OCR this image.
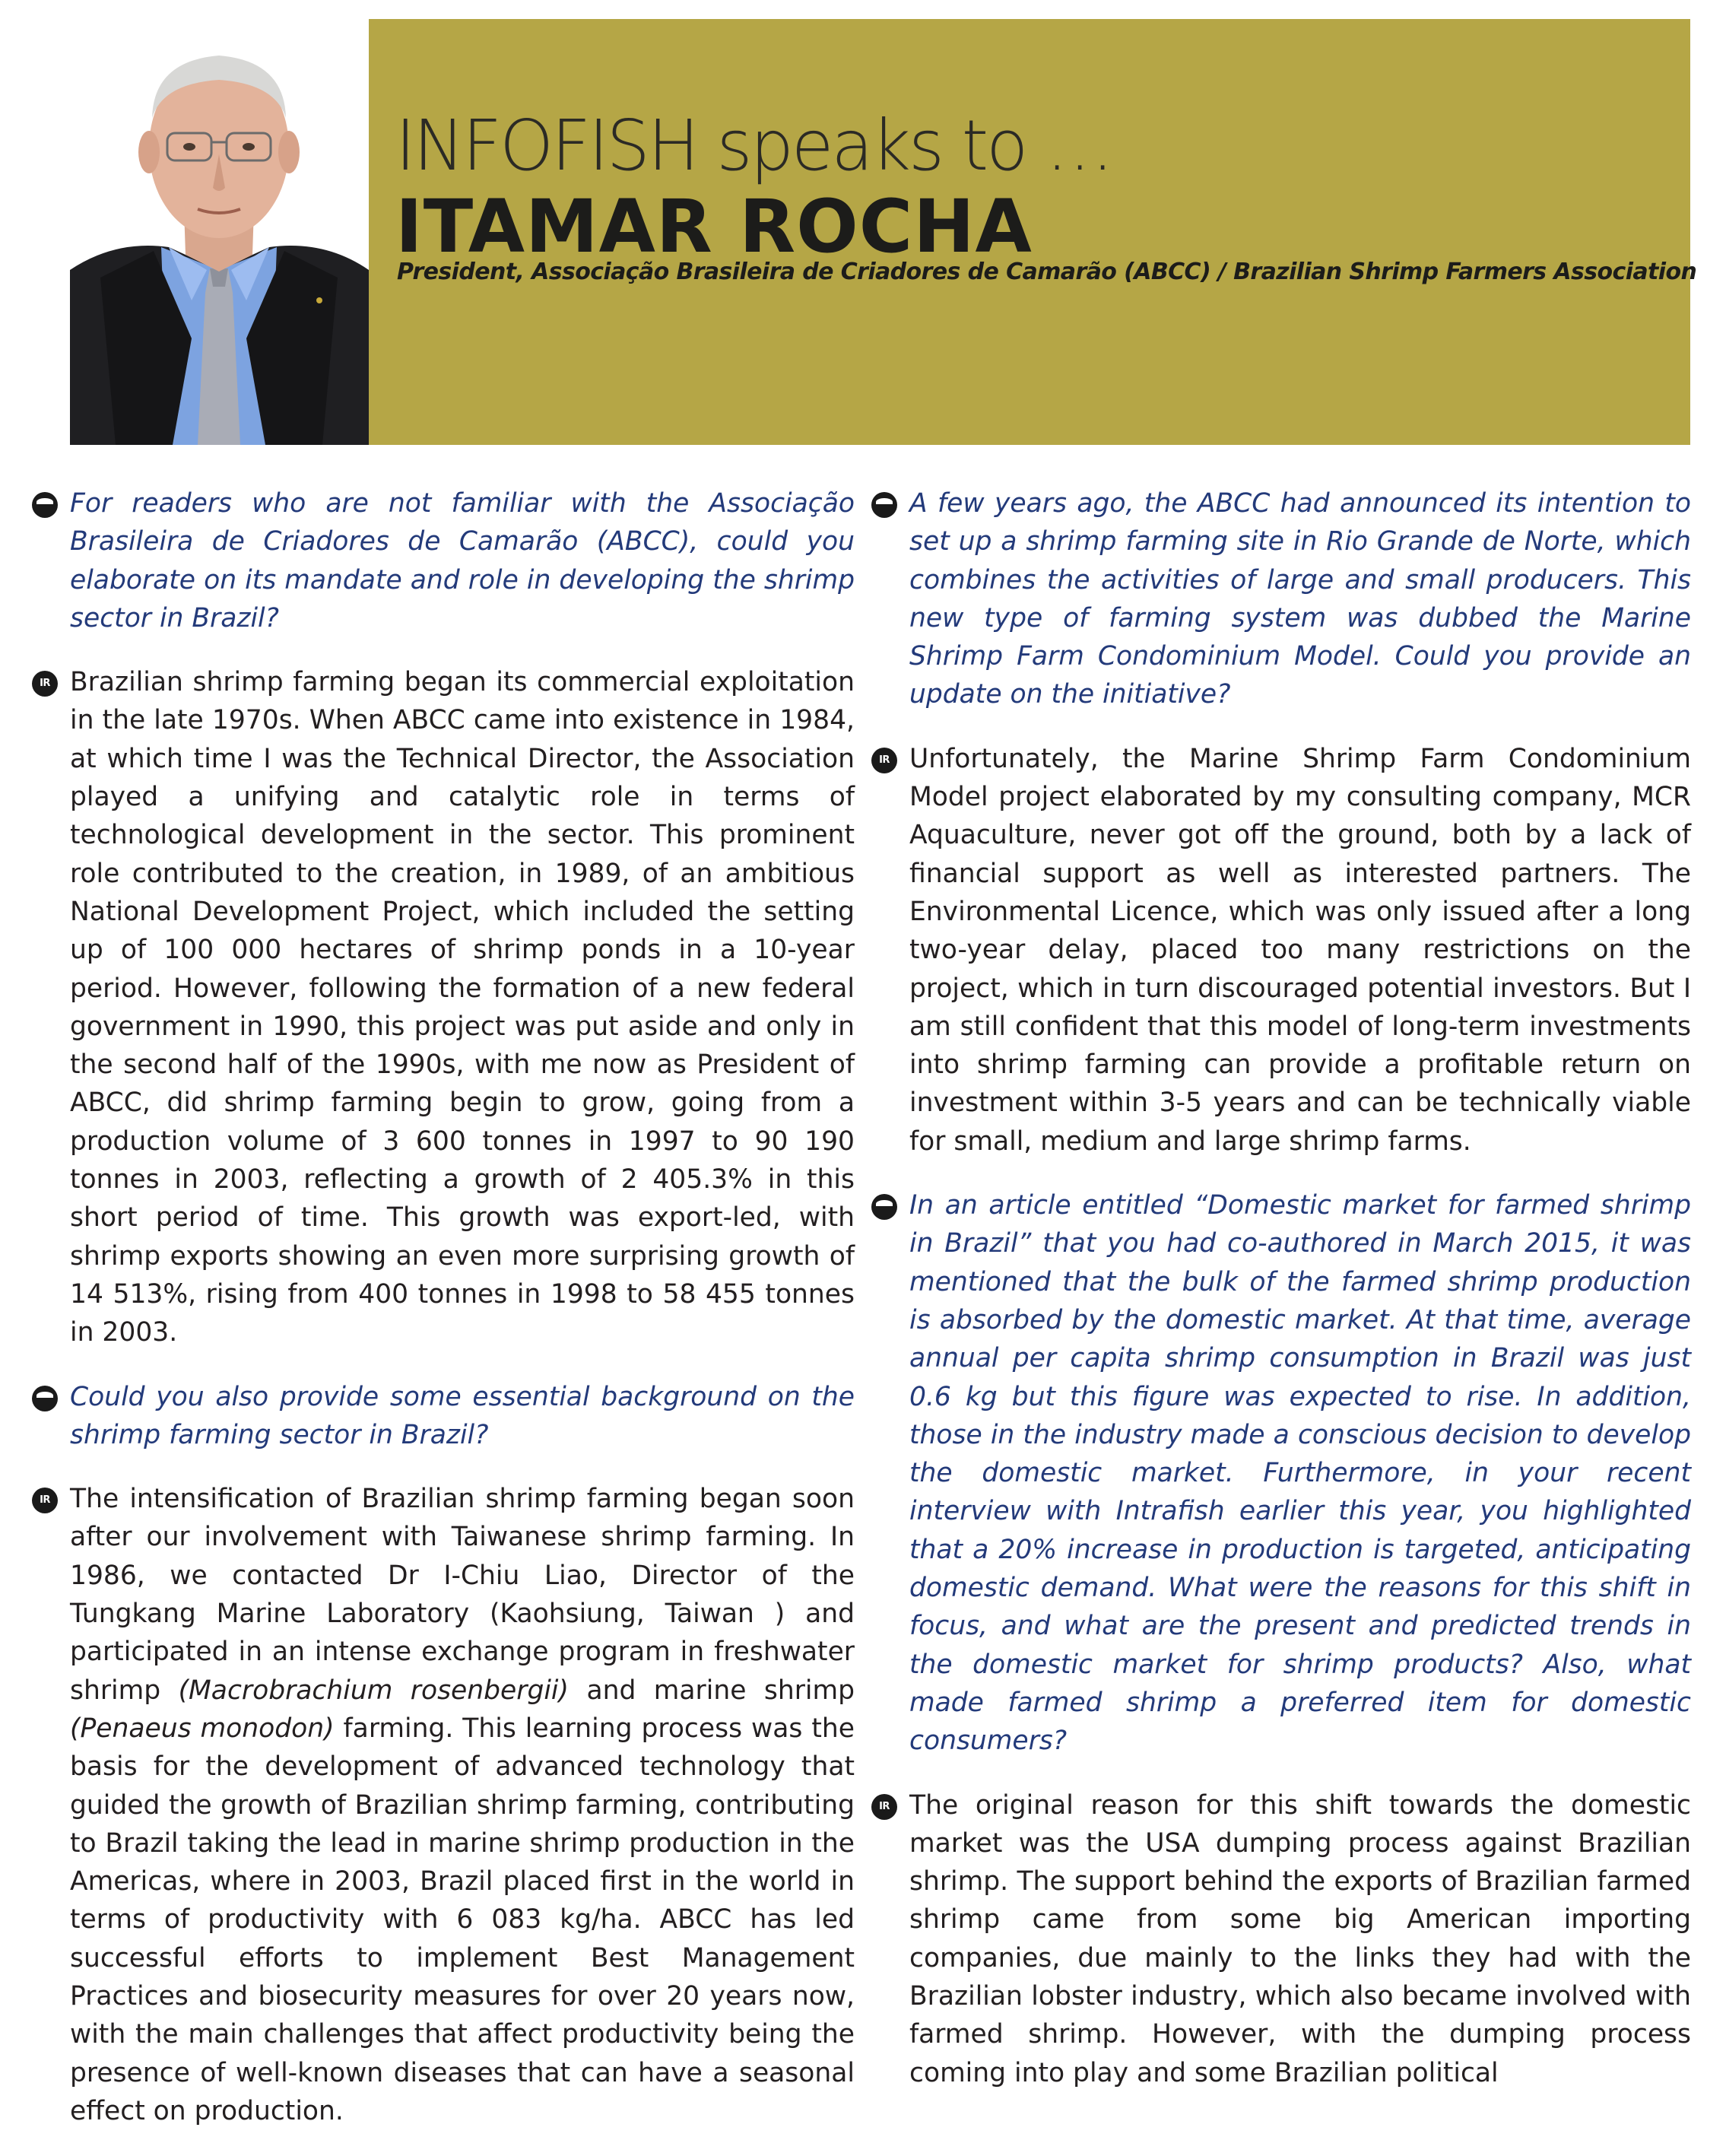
INFOFISH speaks to …
ITAMAR ROCHA
President, Associação Brasileira de Criadores de Camarão (ABCC) / Brazilian Shrimp Farmers Association

For readers who are not familiar with the Associação Brasileira de Criadores de Camarão (ABCC), could you elaborate on its mandate and role in developing the shrimp sector in Brazil?

IR Brazilian shrimp farming began its commercial exploitation in the late 1970s. When ABCC came into existence in 1984, at which time I was the Technical Director, the Association played a unifying and catalytic role in terms of technological development in the sector. This prominent role contributed to the creation, in 1989, of an ambitious National Development Project, which included the setting up of 100 000 hectares of shrimp ponds in a 10-year period. However, following the formation of a new federal government in 1990, this project was put aside and only in the second half of the 1990s, with me now as President of ABCC, did shrimp farming begin to grow, going from a production volume of 3 600 tonnes in 1997 to 90 190 tonnes in 2003, reflecting a growth of 2 405.3% in this short period of time. This growth was export-led, with shrimp exports showing an even more surprising growth of 14 513%, rising from 400 tonnes in 1998 to 58 455 tonnes in 2003.

Could you also provide some essential background on the shrimp farming sector in Brazil?

IR The intensification of Brazilian shrimp farming began soon after our involvement with Taiwanese shrimp farming. In 1986, we contacted Dr I-Chiu Liao, Director of the Tungkang Marine Laboratory (Kaohsiung, Taiwan ) and participated in an intense exchange program in freshwater shrimp (Macrobrachium rosenbergii) and marine shrimp (Penaeus monodon) farming. This learning process was the basis for the development of advanced technology that guided the growth of Brazilian shrimp farming, contributing to Brazil taking the lead in marine shrimp production in the Americas, where in 2003, Brazil placed first in the world in terms of productivity with 6 083 kg/ha. ABCC has led successful efforts to implement Best Management Practices and biosecurity measures for over 20 years now, with the main challenges that affect productivity being the presence of well-known diseases that can have a seasonal effect on production.

A few years ago, the ABCC had announced its intention to set up a shrimp farming site in Rio Grande de Norte, which combines the activities of large and small producers. This new type of farming system was dubbed the Marine Shrimp Farm Condominium Model. Could you provide an update on the initiative?

IR Unfortunately, the Marine Shrimp Farm Condominium Model project elaborated by my consulting company, MCR Aquaculture, never got off the ground, both by a lack of financial support as well as interested partners. The Environmental Licence, which was only issued after a long two-year delay, placed too many restrictions on the project, which in turn discouraged potential investors. But I am still confident that this model of long-term investments into shrimp farming can provide a profitable return on investment within 3-5 years and can be technically viable for small, medium and large shrimp farms.

In an article entitled “Domestic market for farmed shrimp in Brazil” that you had co-authored in March 2015, it was mentioned that the bulk of the farmed shrimp production is absorbed by the domestic market. At that time, average annual per capita shrimp consumption in Brazil was just 0.6 kg but this figure was expected to rise. In addition, those in the industry made a conscious decision to develop the domestic market. Furthermore, in your recent interview with Intrafish earlier this year, you highlighted that a 20% increase in production is targeted, anticipating domestic demand. What were the reasons for this shift in focus, and what are the present and predicted trends in the domestic market for shrimp products? Also, what made farmed shrimp a preferred item for domestic consumers?

IR The original reason for this shift towards the domestic market was the USA dumping process against Brazilian shrimp. The support behind the exports of Brazilian farmed shrimp came from some big American importing companies, due mainly to the links they had with the Brazilian lobster industry, which also became involved with farmed shrimp. However, with the dumping process coming into play and some Brazilian political
